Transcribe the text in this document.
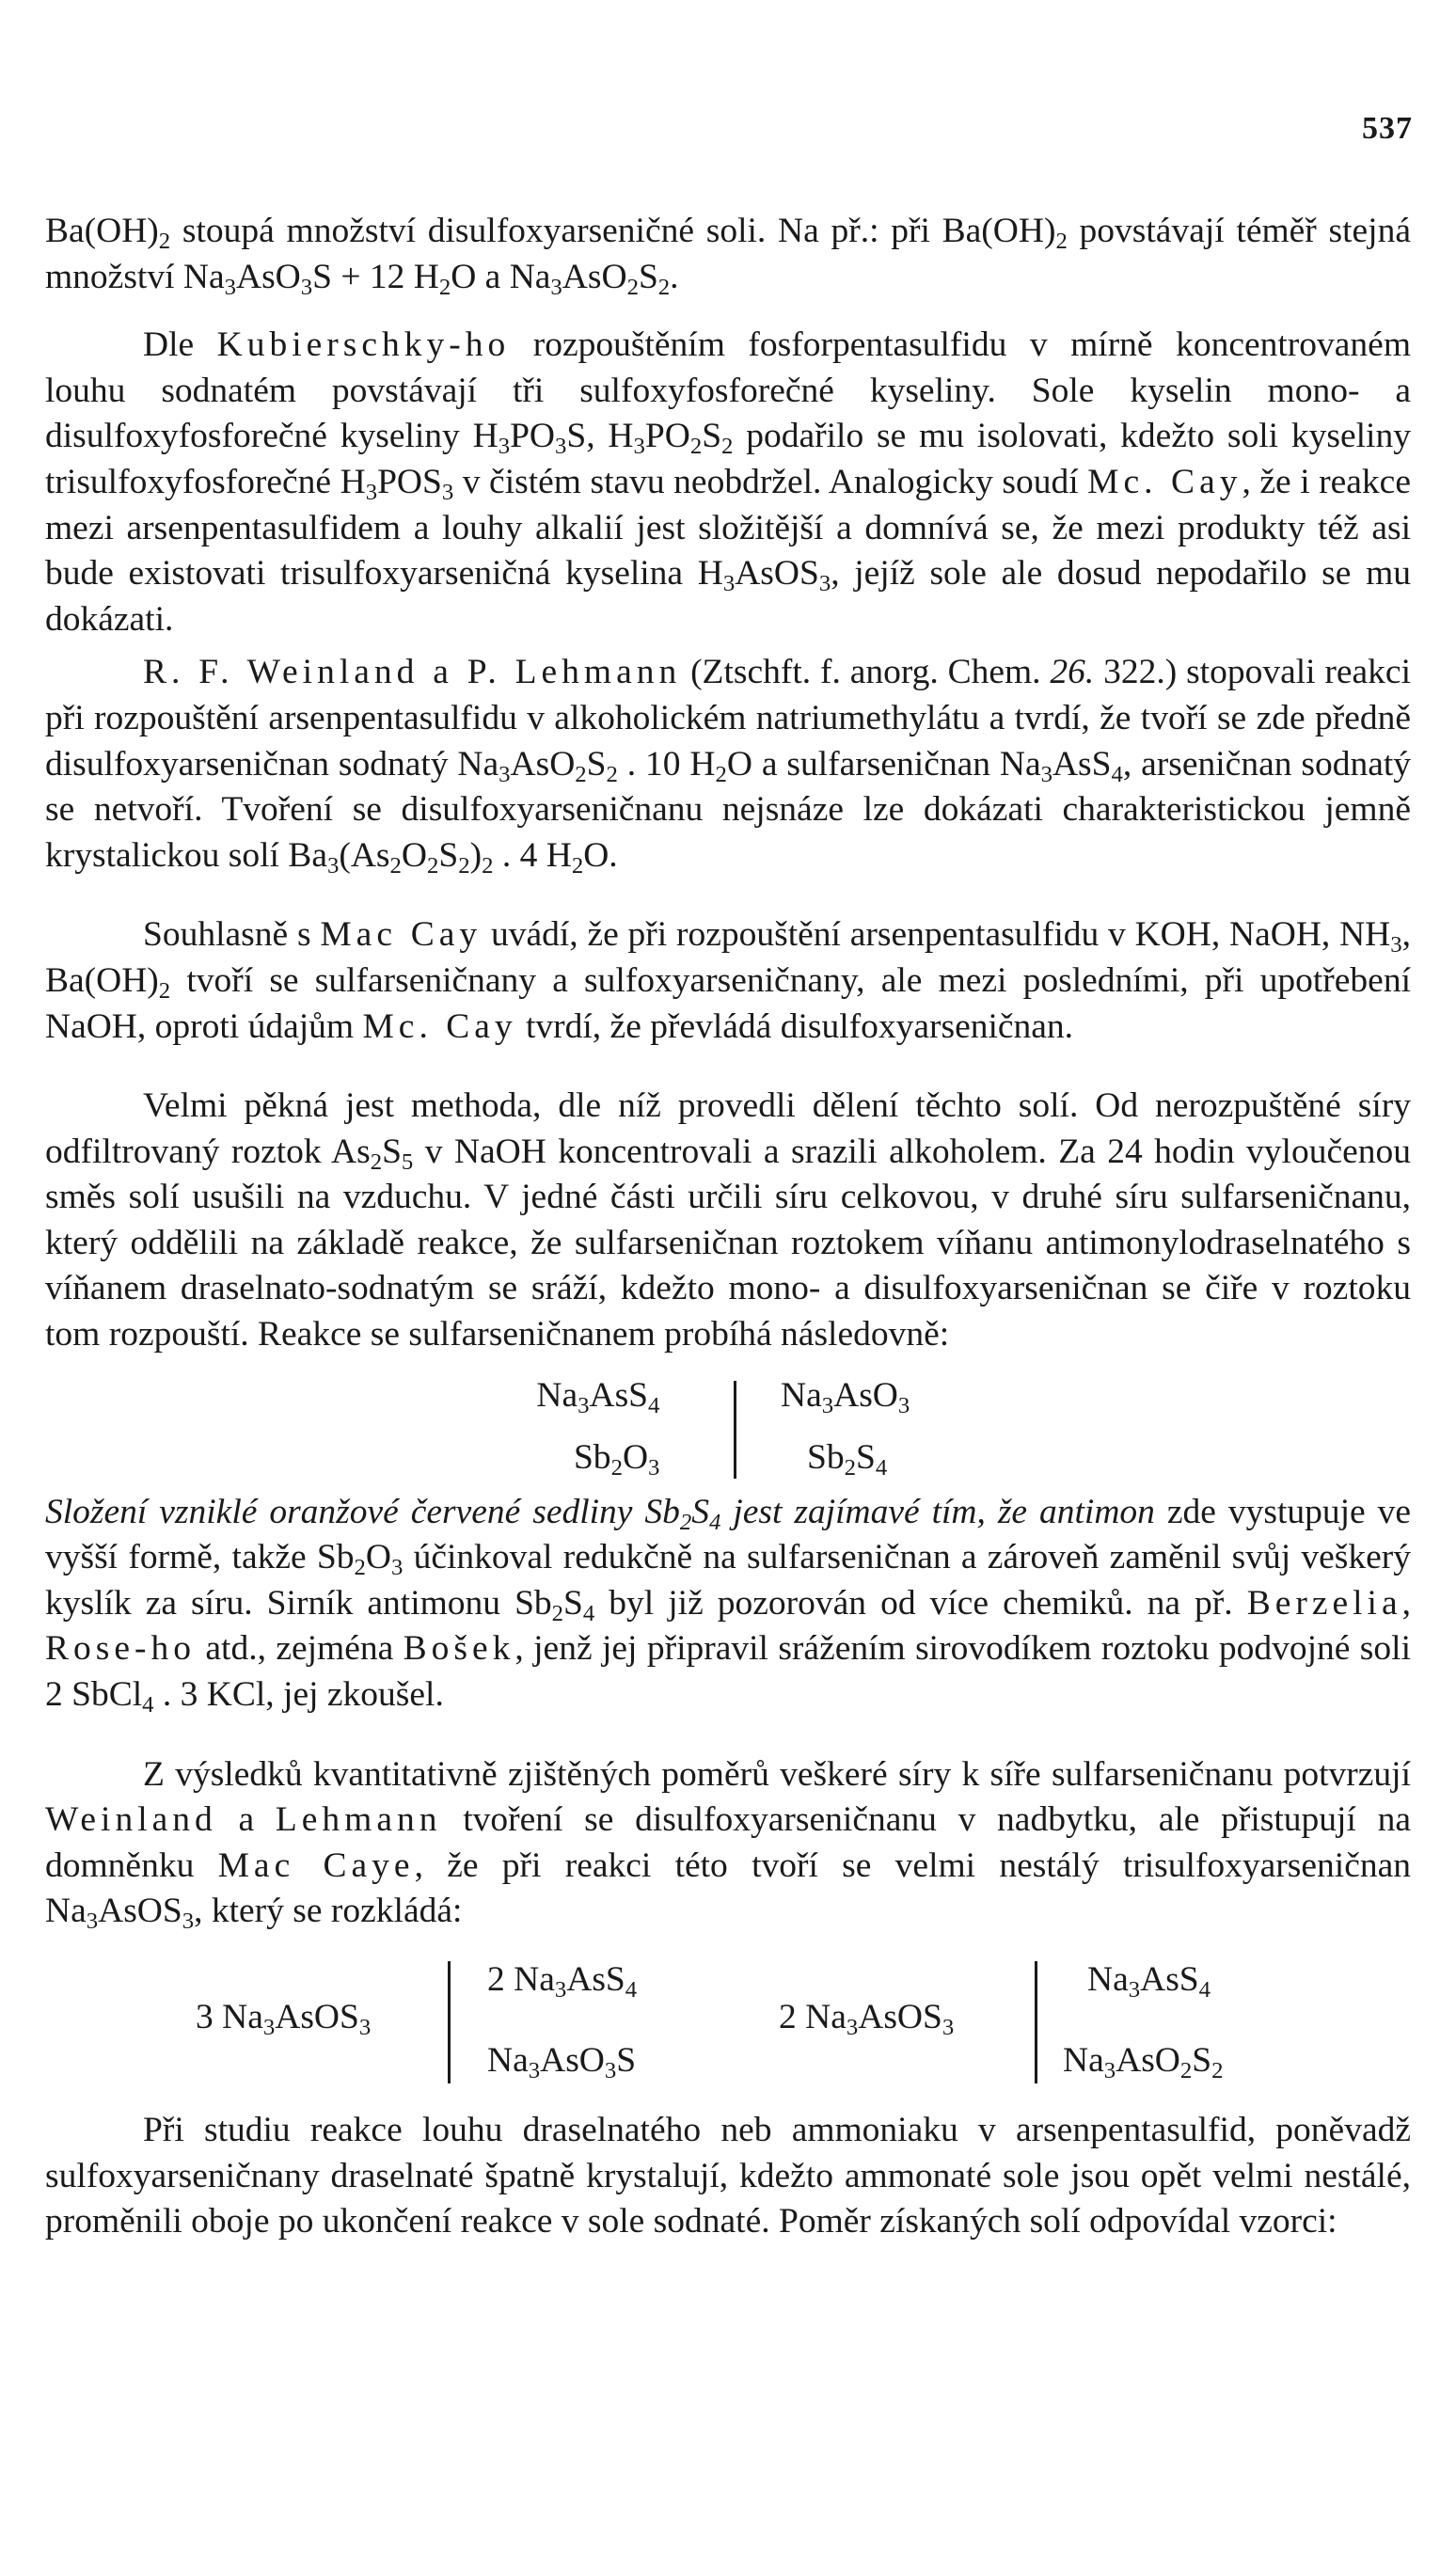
537

$Ba(OH)_2$ stoupá množství disulfoxyarseničné soli. Na př.: při $Ba(OH)_2$ povstávají téměř stejná množství $Na_3AsO_3S + 12$ $H_2O$ a $Na_3AsO_2S_2$.

Dle Kubierschky-ho rozpouštěním fosforpentasulfidu v mírně koncentrovaném louhu sodnatém povstávají tři sulfoxyfosforečné kyseliny. Sole kyselin mono- a disulfoxyfosforečné kyseliny $H_3PO_3S$, $H_3PO_2S_2$ podařilo se mu isolovati, kdežto soli kyseliny trisulfoxyfosforečné $H_3POS_3$ v čistém stavu neobdržel. Analogicky soudí Mc. Cay, že i reakce mezi arsenpentasulfidem a louhy alkalií jest složitější a domnívá se, že mezi produkty též asi bude existovati trisulfoxyarseničná kyselina $H_3AsOS_3$, jejíž sole ale dosud nepodařilo se mu dokázati.

R. F. Weinland a P. Lehmann (Ztschft. f. anorg. Chem. 26. 322.) stopovali reakci při rozpouštění arsenpentasulfidu v alkoholickém natriumethylátu a tvrdí, že tvoří se zde předně disulfoxyarseničnan sodnatý $Na_3AsO_2S_2$ . 10 $H_2O$ a sulfarseničnan $Na_3AsS_4$, arseničnan sodnatý se netvoří. Tvoření se disulfoxyarseničnanu nejsnáze lze dokázati charakteristickou jemně krystalickou solí $Ba_3(As_2O_2S_2)_2$ . 4 $H_2O$.

Souhlasně s Mac Cay uvádí, že při rozpouštění arsenpentasulfidu v KOH, NaOH, $NH_3$, $Ba(OH)_2$ tvoří se sulfarseničnany a sulfoxyarseničnany, ale mezi posledními, při upotřebení NaOH, oproti údajům Mc. Cay tvrdí, že převládá disulfoxyarseničnan.

Velmi pěkná jest methoda, dle níž provedli dělení těchto solí. Od nerozpuštěné síry odfiltrovaný roztok $As_2S_5$ v NaOH koncentrovali a srazili alkoholem. Za 24 hodin vyloučenou směs solí usušili na vzduchu. V jedné části určili síru celkovou, v druhé síru sulfarseničnanu, který oddělili na základě reakce, že sulfarseničnan roztokem víňanu antimonylodraselnatého s víňanem draselnato-sodnatým se sráží, kdežto mono- a disulfoxyarseničnan se čiře v roztoku tom rozpouští. Reakce se sulfarseničnanem probíhá následovně:

$Na_3AsS_4$
$Sb_2O_3$
$Na_3AsO_3$
$Sb_2S_4$

Složení vzniklé oranžové červené sedliny $Sb_2S_4$ jest zajímavé tím, že antimon zde vystupuje ve vyšší formě, takže $Sb_2O_3$ účinkoval redukčně na sulfarseničnan a zároveň zaměnil svůj veškerý kyslík za síru. Sirník antimonu $Sb_2S_4$ byl již pozorován od více chemiků. na př. Berzelia, Rose-ho atd., zejména Bošek, jenž jej připravil srážením sirovodíkem roztoku podvojné soli 2 SbCl$_4$ . 3 KCl, jej zkoušel.

Z výsledků kvantitativně zjištěných poměrů veškeré síry k síře sulfarseničnanu potvrzují Weinland a Lehmann tvoření se disulfoxyarseničnanu v nadbytku, ale přistupují na domněnku Mac Caye, že při reakci této tvoří se velmi nestálý trisulfoxyarseničnan $Na_3AsOS_3$, který se rozkládá:

3 $Na_3AsOS_3$
2 $Na_3AsS_4$
$Na_3AsO_3S$
2 $Na_3AsOS_3$
$Na_3AsS_4$
$Na_3AsO_2S_2$

Při studiu reakce louhu draselnatého neb ammoniaku v arsenpentasulfid, poněvadž sulfoxyarseničnany draselnaté špatně krystalují, kdežto ammonaté sole jsou opět velmi nestálé, proměnili oboje po ukončení reakce v sole sodnaté. Poměr získaných solí odpovídal vzorci:
